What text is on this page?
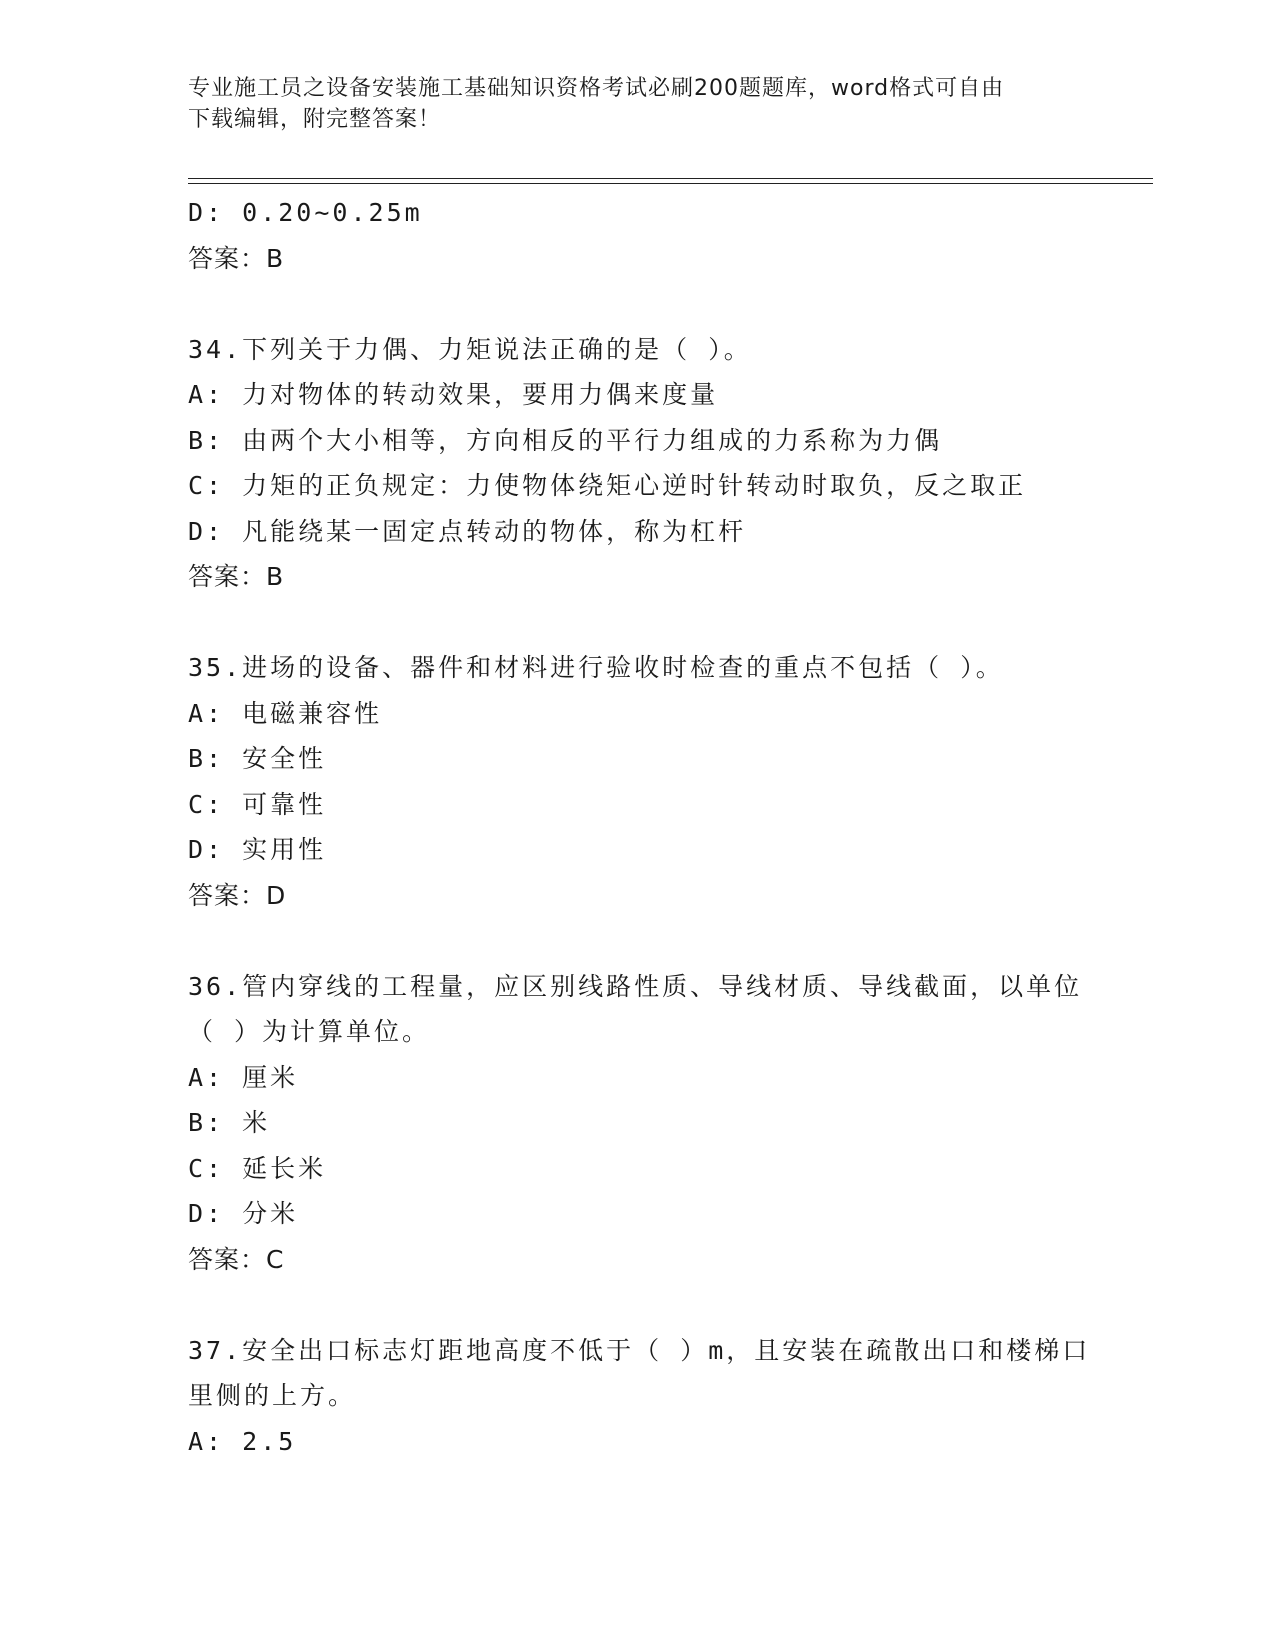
专业施工员之设备安装施工基础知识资格考试必刷200题题库，word格式可自由
下载编辑，附完整答案！
D: 0.20~0.25m
答案：B
34.下列关于力偶、力矩说法正确的是（ ）。
A: 力对物体的转动效果，要用力偶来度量
B: 由两个大小相等，方向相反的平行力组成的力系称为力偶
C: 力矩的正负规定：力使物体绕矩心逆时针转动时取负，反之取正
D: 凡能绕某一固定点转动的物体，称为杠杆
答案：B
35.进场的设备、器件和材料进行验收时检查的重点不包括（ ）。
A: 电磁兼容性
B: 安全性
C: 可靠性
D: 实用性
答案：D
36.管内穿线的工程量，应区别线路性质、导线材质、导线截面，以单位（ ）为计算单位。
A: 厘米
B: 米
C: 延长米
D: 分米
答案：C
37.安全出口标志灯距地高度不低于（ ）m，且安装在疏散出口和楼梯口里侧的上方。
A: 2.5
